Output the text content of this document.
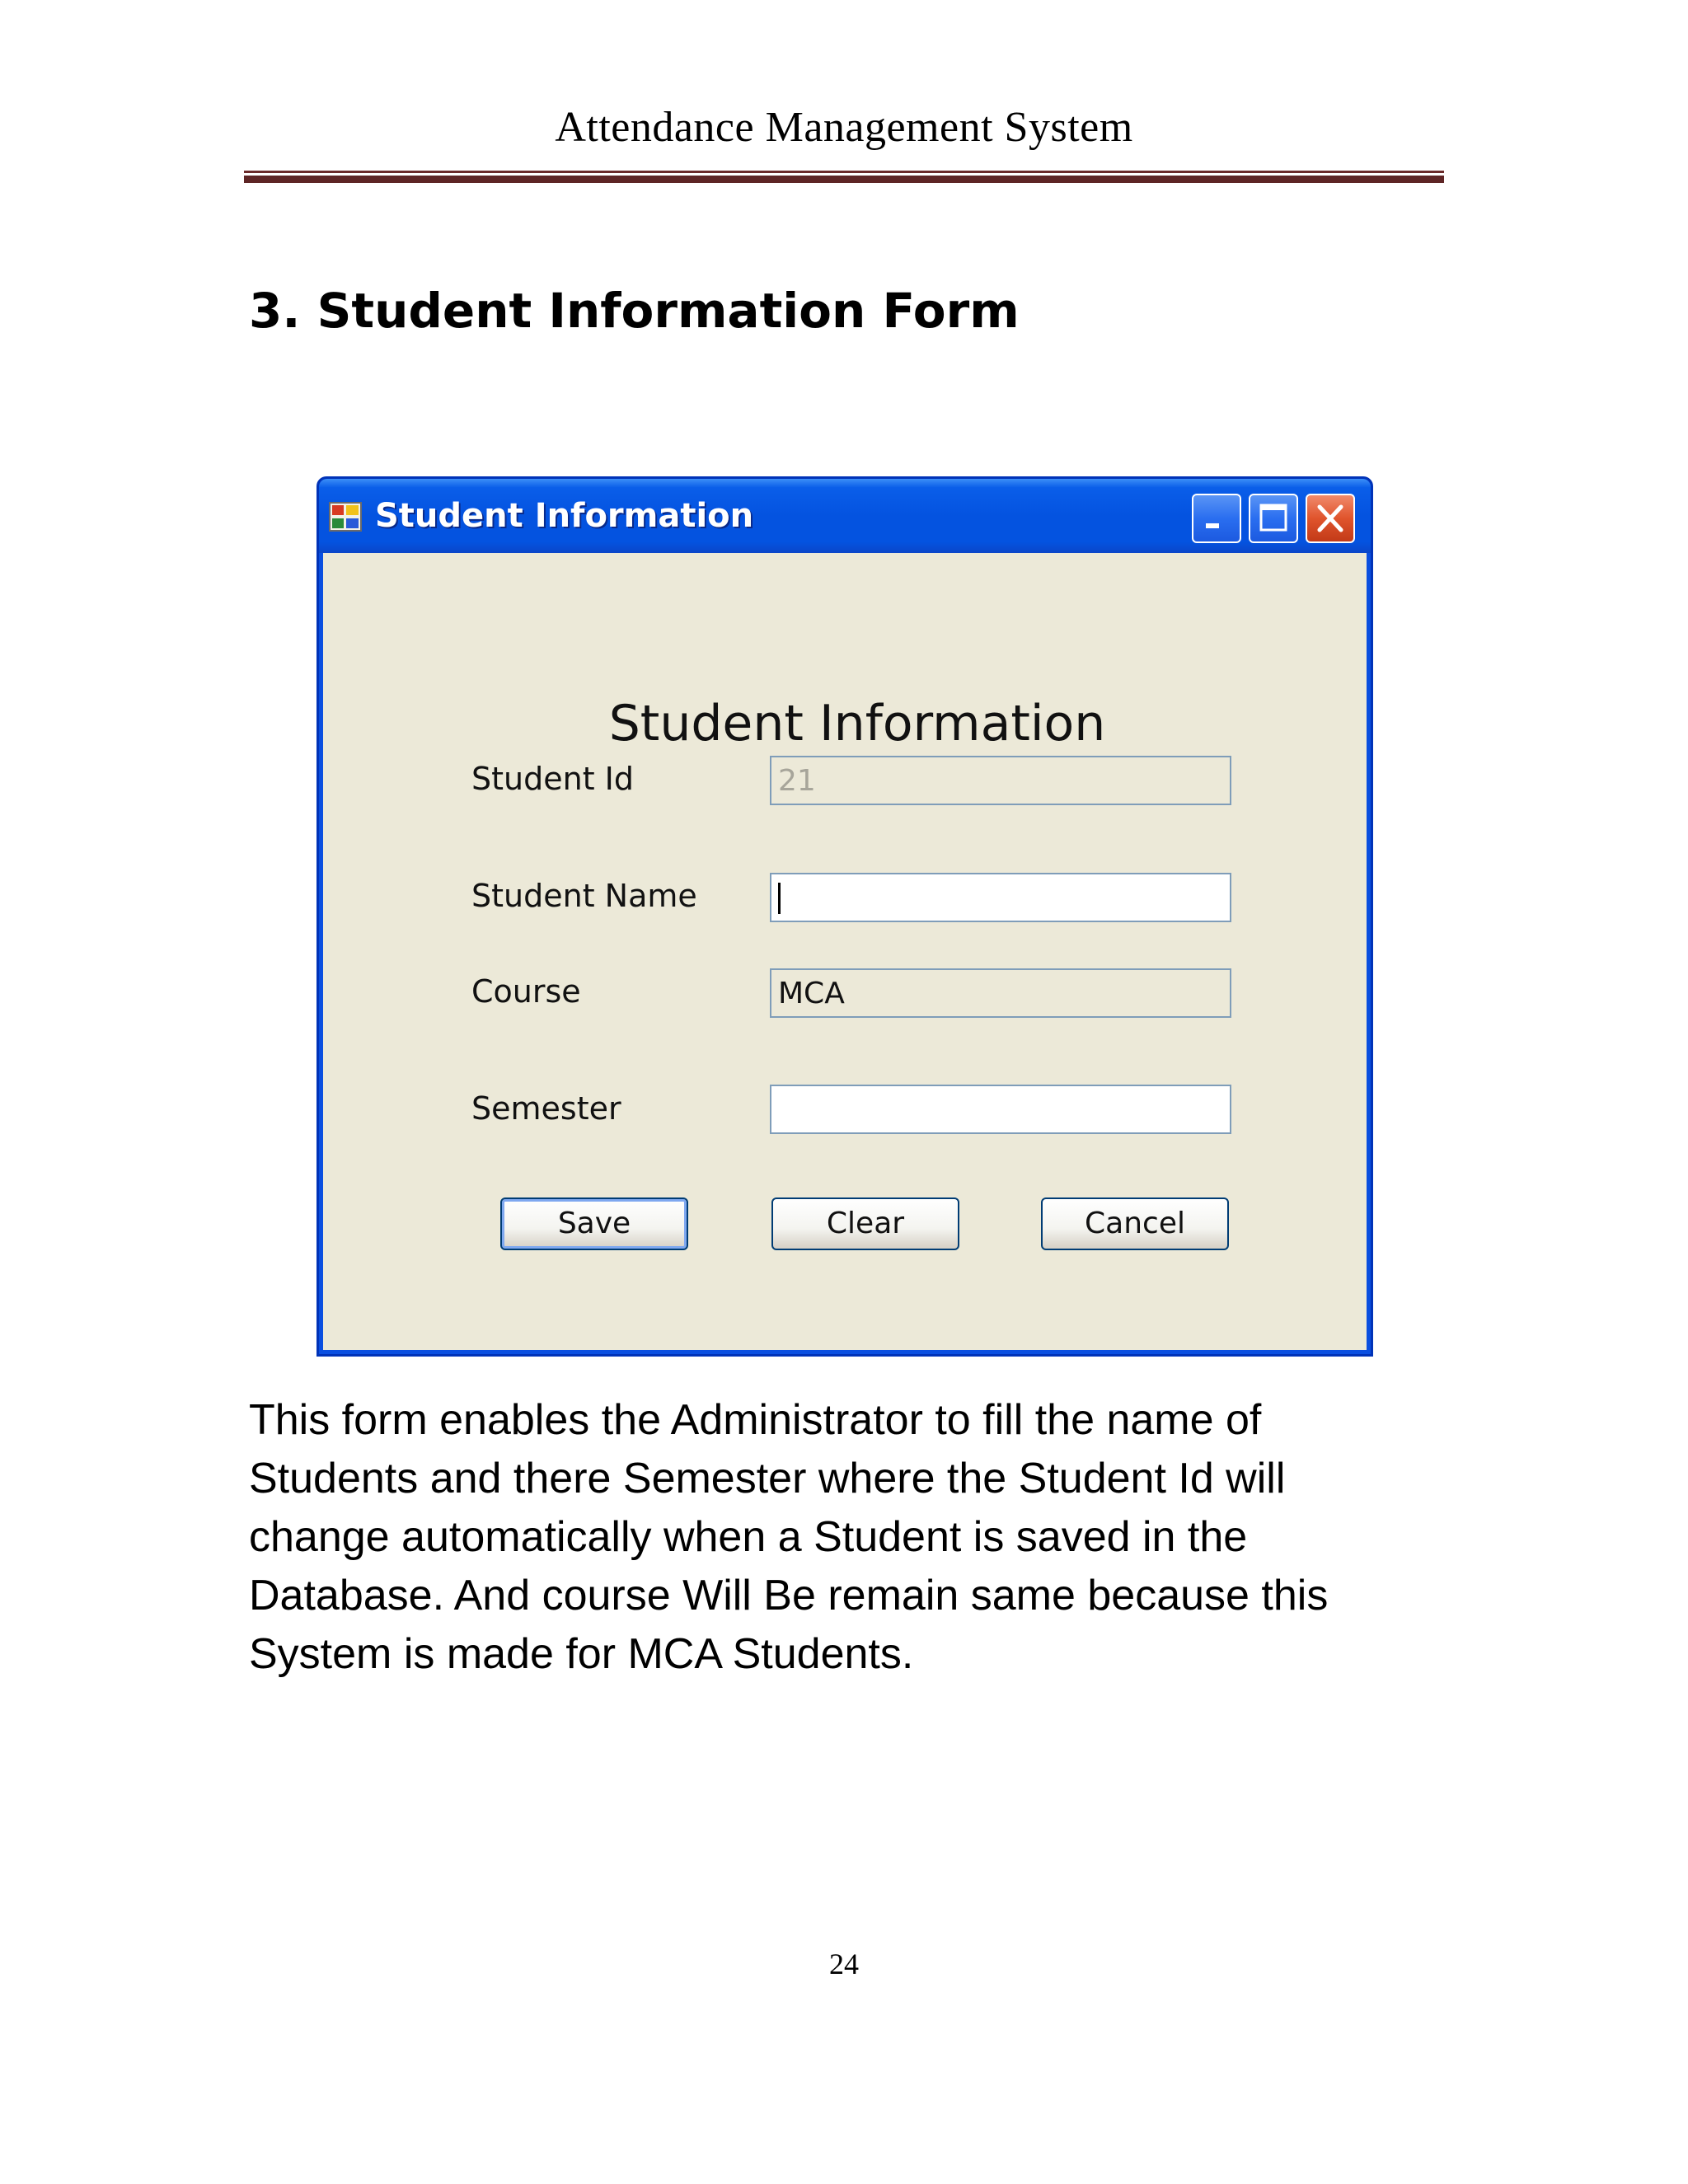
Attendance Management System
3. Student Information Form
Student Information
Student Information
Student Id
21
Student Name
Course
MCA
Semester
Save	Clear	Cancel
This form enables the Administrator to fill the name of
Students and there Semester where the Student Id will
change automatically when a Student is saved in the
Database. And course Will Be remain same because this
System is made for MCA Students.
24
